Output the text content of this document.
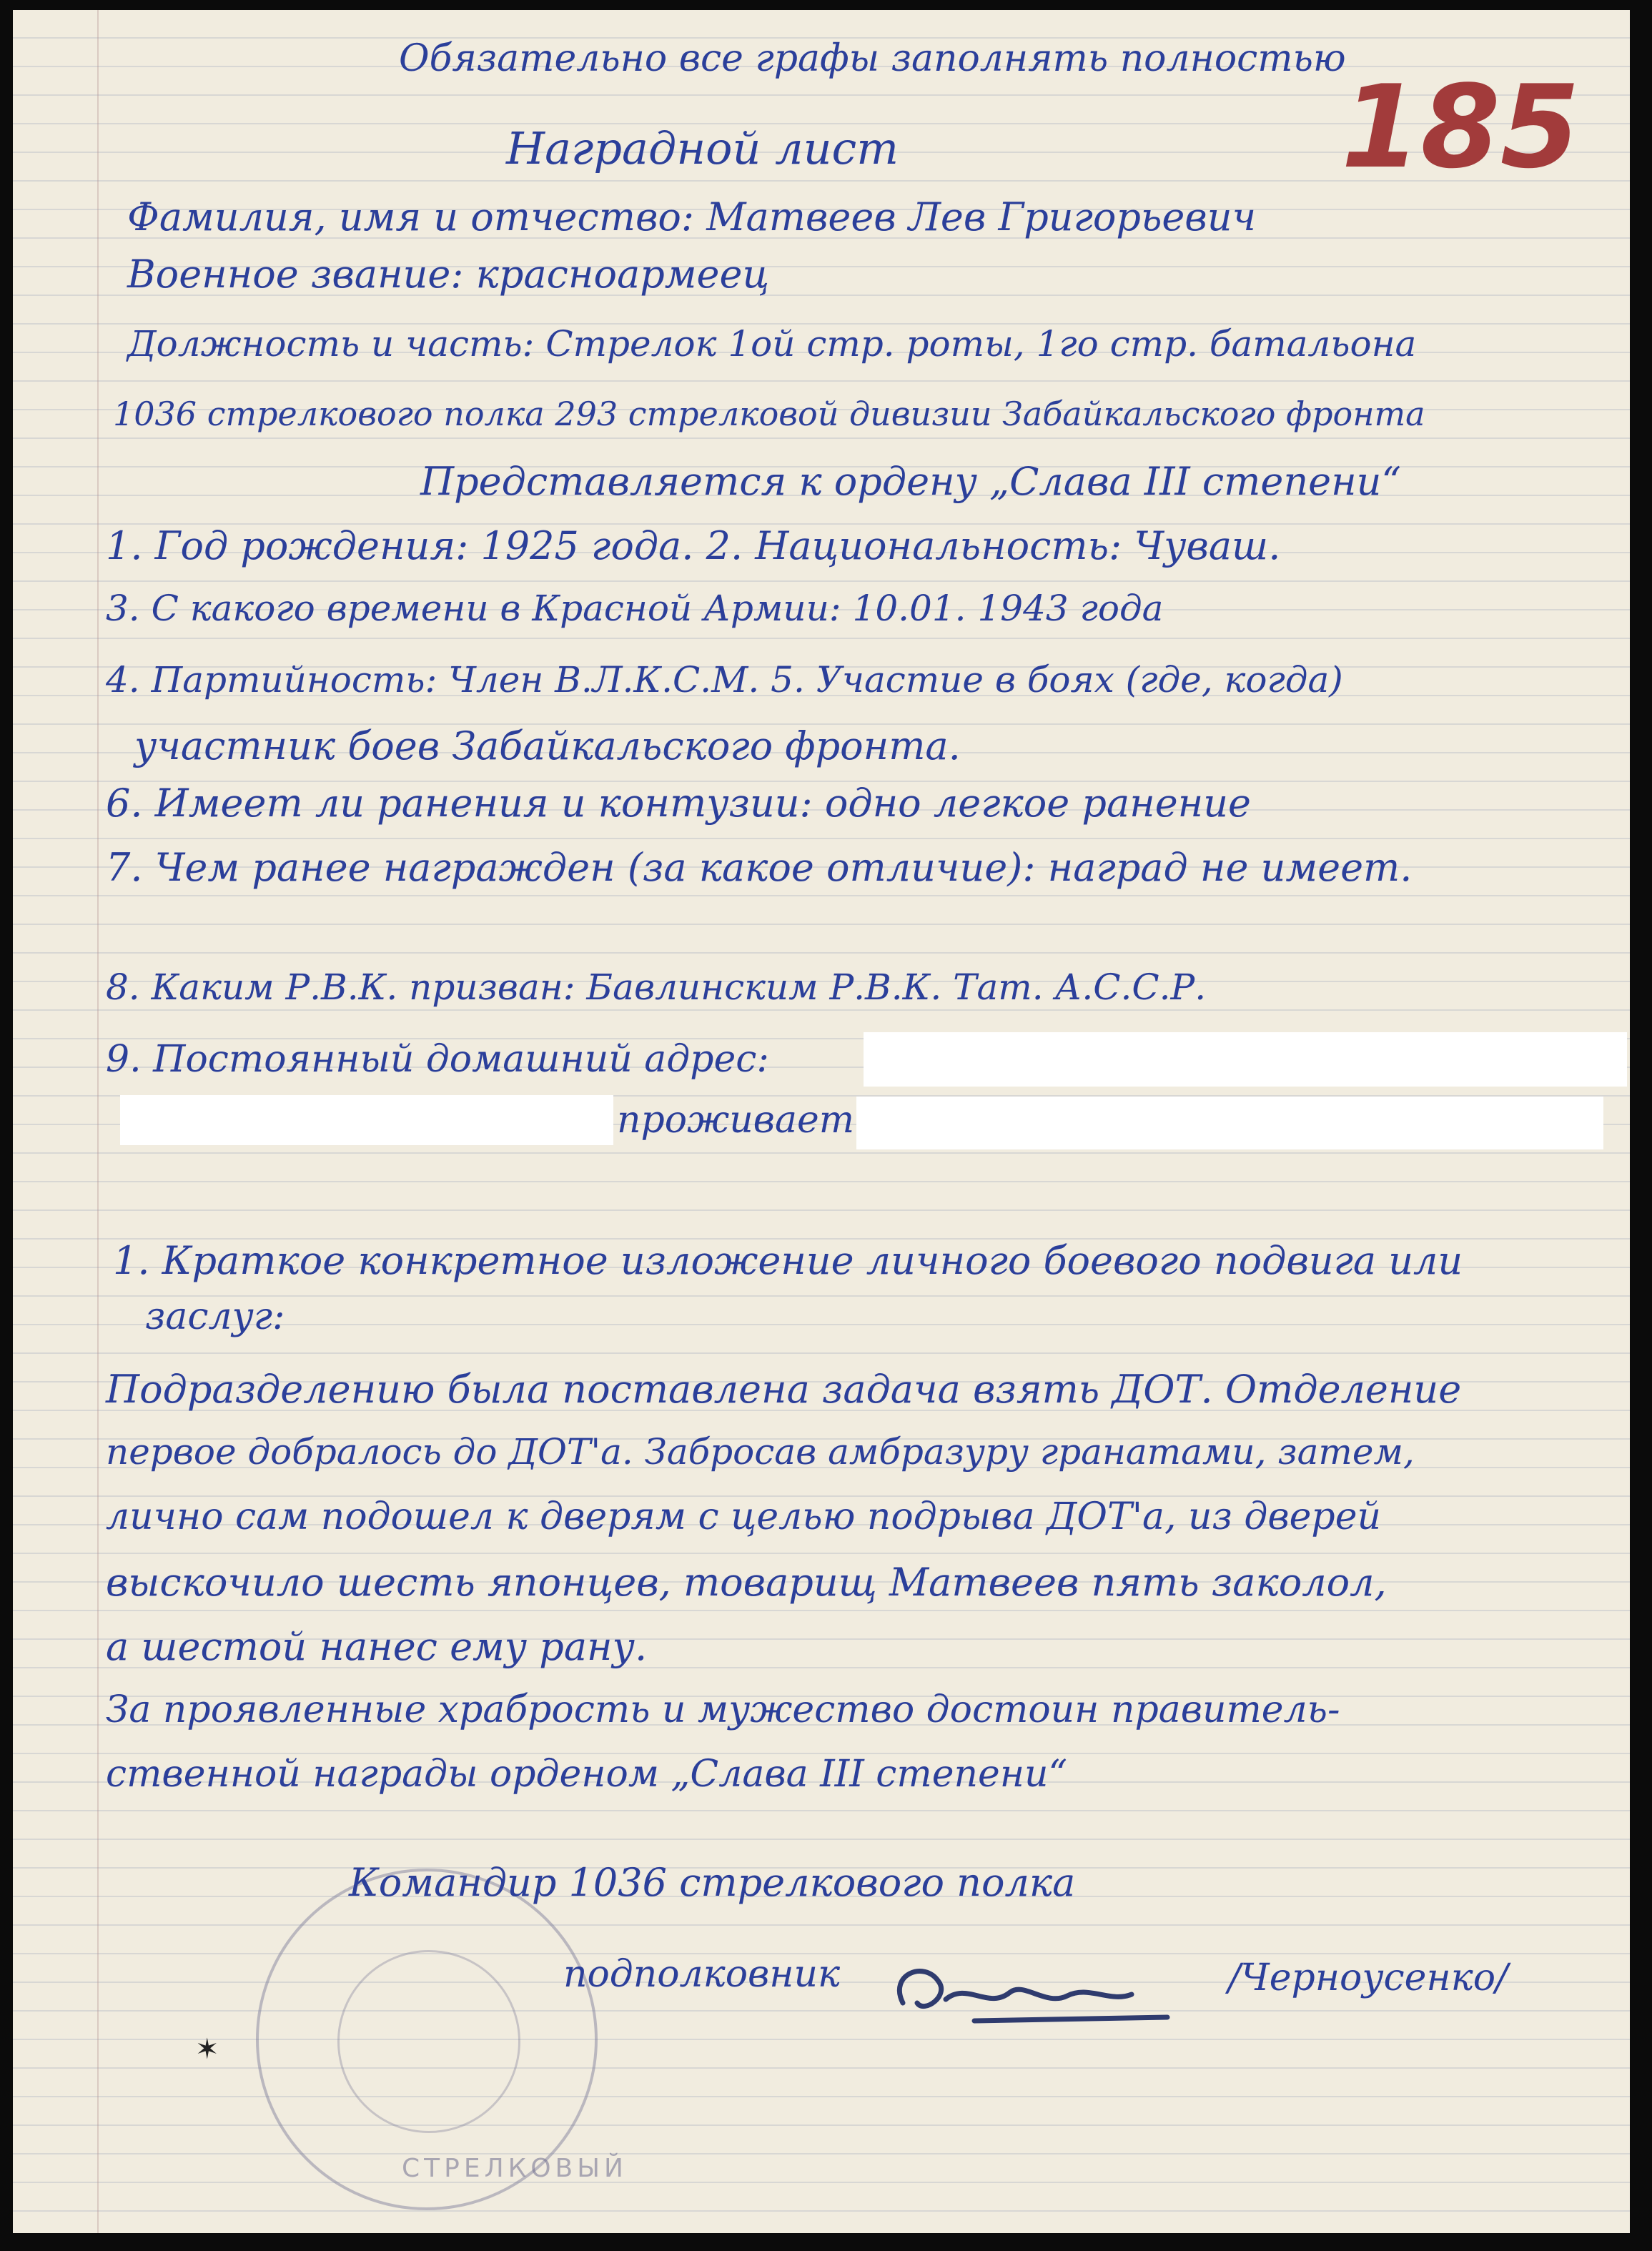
Обязательно все графы заполнять полностью
185
Наградной лист
Фамилия, имя и отчество: Матвеев Лев Григорьевич
Военное звание: красноармеец
Должность и часть: Стрелок 1ой стр. роты, 1го стр. батальона
1036 стрелкового полка 293 стрелковой дивизии Забайкальского фронта
Представляется к ордену „Слава III степени“
1. Год рождения: 1925 года. 2. Национальность: Чуваш.
3. С какого времени в Красной Армии: 10.01. 1943 года
4. Партийность: Член В.Л.К.С.М. 5. Участие в боях (где, когда)
участник боев Забайкальского фронта.
6. Имеет ли ранения и контузии: одно легкое ранение
7. Чем ранее награжден (за какое отличие): наград не имеет.
8. Каким Р.В.К. призван: Бавлинским Р.В.К. Тат. А.С.С.Р.
9. Постоянный домашний адрес:
проживает
1. Краткое конкретное изложение личного боевого подвига или
заслуг:
Подразделению была поставлена задача взять ДОТ. Отделение
первое добралось до ДОТ'а. Забросав амбразуру гранатами, затем,
лично сам подошел к дверям с целью подрыва ДОТ'а, из дверей
выскочило шесть японцев, товарищ Матвеев пять заколол,
а шестой нанес ему рану.
За проявленные храбрость и мужество достоин правитель-
ственной награды орденом „Слава III степени“
СТРЕЛКОВЫЙ
Командир 1036 стрелкового полка
подполковник	/Черноусенко/
✶
